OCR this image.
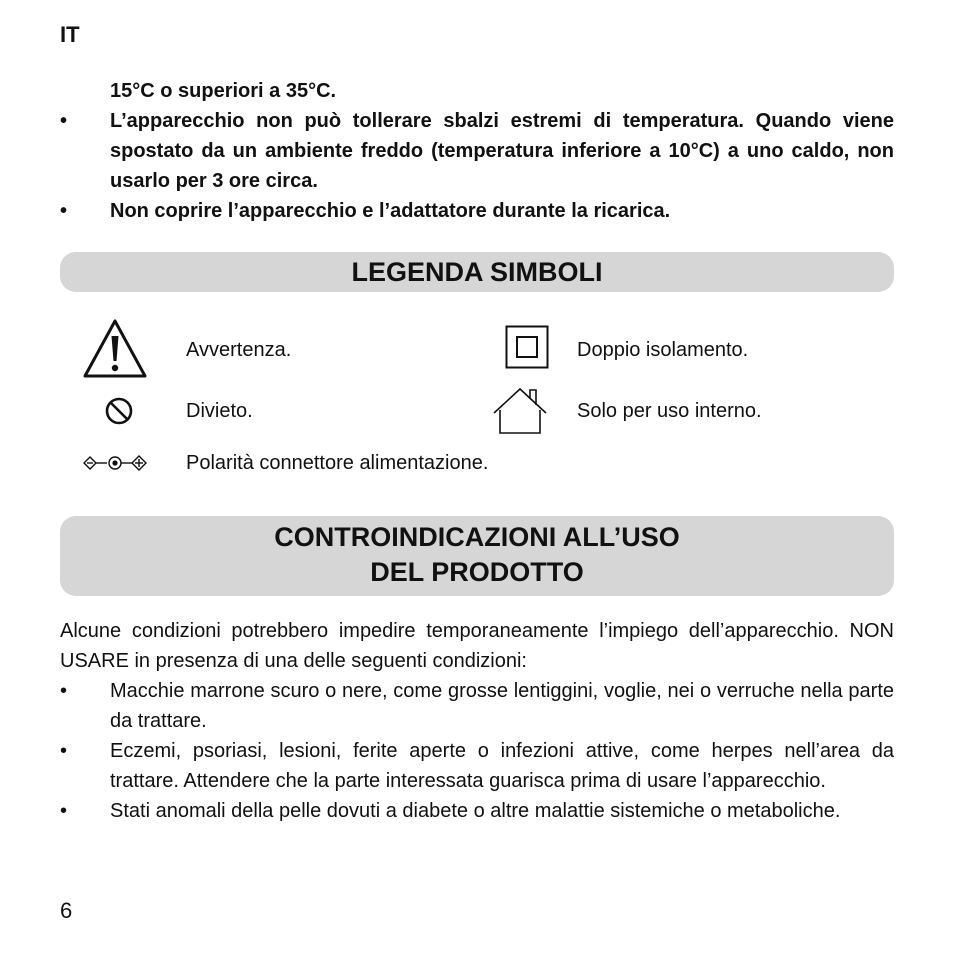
IT
15°C o superiori a 35°C.
• L’apparecchio non può tollerare sbalzi estremi di temperatura. Quando viene spostato da un ambiente freddo (temperatura inferiore a 10°C) a uno caldo, non usarlo per 3 ore circa.
• Non coprire l’apparecchio e l’adattatore durante la ricarica.
LEGENDA SIMBOLI
Avvertenza.	Doppio isolamento.
Divieto.	Solo per uso interno.
Polarità connettore alimentazione.
CONTROINDICAZIONI ALL’USO
DEL PRODOTTO
Alcune condizioni potrebbero impedire temporaneamente l’impiego dell’apparecchio. NON USARE in presenza di una delle seguenti condizioni:
• Macchie marrone scuro o nere, come grosse lentiggini, voglie, nei o verruche nella parte da trattare.
• Eczemi, psoriasi, lesioni, ferite aperte o infezioni attive, come herpes nell’area da trattare. Attendere che la parte interessata guarisca prima di usare l’apparecchio.
• Stati anomali della pelle dovuti a diabete o altre malattie sistemiche o metaboliche.
6
